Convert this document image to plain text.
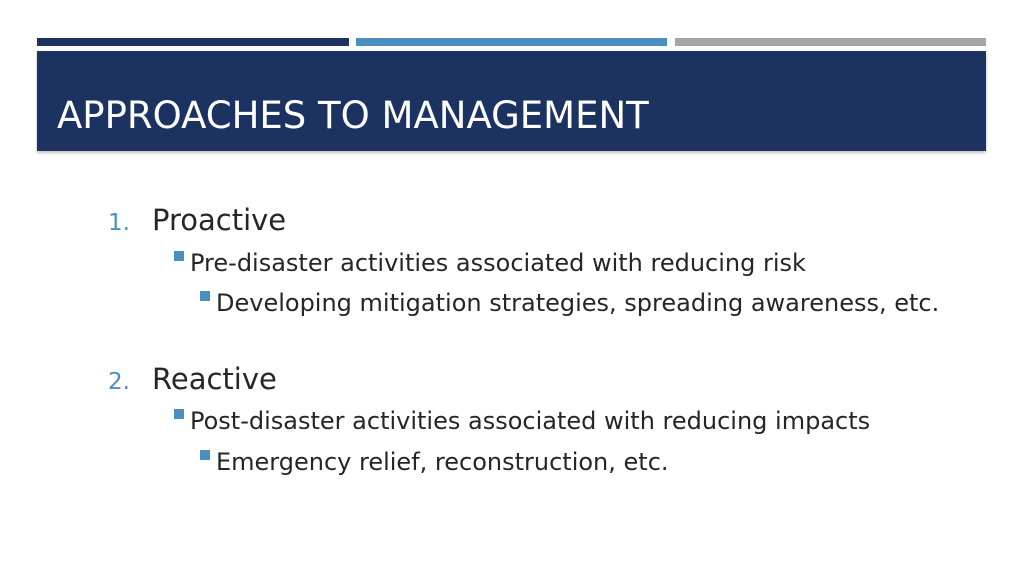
APPROACHES TO MANAGEMENT
1. Proactive
Pre-disaster activities associated with reducing risk
Developing mitigation strategies, spreading awareness, etc.
2. Reactive
Post-disaster activities associated with reducing impacts
Emergency relief, reconstruction, etc.
